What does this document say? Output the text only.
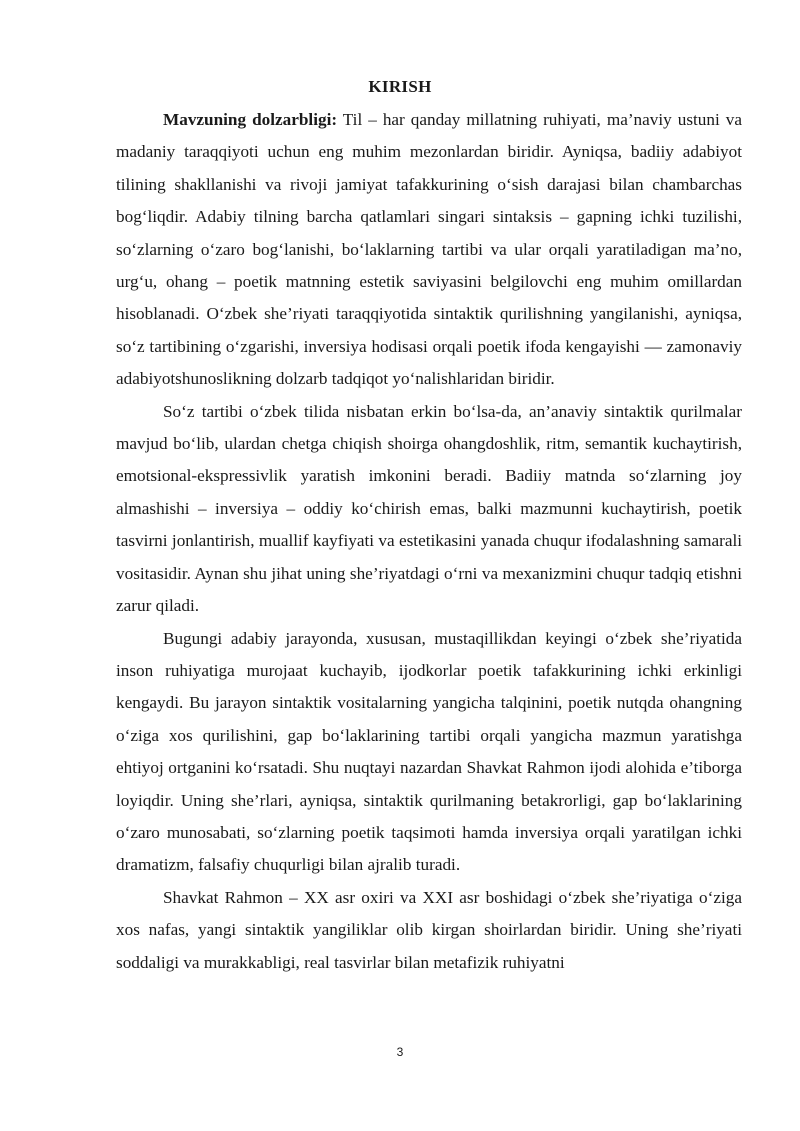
KIRISH

Mavzuning dolzarbligi: Til – har qanday millatning ruhiyati, ma’naviy ustuni va madaniy taraqqiyoti uchun eng muhim mezonlardan biridir. Ayniqsa, badiiy adabiyot tilining shakllanishi va rivoji jamiyat tafakkurining o‘sish darajasi bilan chambarchas bog‘liqdir. Adabiy tilning barcha qatlamlari singari sintaksis – gapning ichki tuzilishi, so‘zlarning o‘zaro bog‘lanishi, bo‘laklarning tartibi va ular orqali yaratiladigan ma’no, urg‘u, ohang – poetik matnning estetik saviyasini belgilovchi eng muhim omillardan hisoblanadi. O‘zbek she’riyati taraqqiyotida sintaktik qurilishning yangilanishi, ayniqsa, so‘z tartibining o‘zgarishi, inversiya hodisasi orqali poetik ifoda kengayishi — zamonaviy adabiyotshunoslikning dolzarb tadqiqot yo‘nalishlaridan biridir.

So‘z tartibi o‘zbek tilida nisbatan erkin bo‘lsa-da, an’anaviy sintaktik qurilmalar mavjud bo‘lib, ulardan chetga chiqish shoirga ohangdoshlik, ritm, semantik kuchaytirish, emotsional-ekspressivlik yaratish imkonini beradi. Badiiy matnda so‘zlarning joy almashishi – inversiya – oddiy ko‘chirish emas, balki mazmunni kuchaytirish, poetik tasvirni jonlantirish, muallif kayfiyati va estetikasini yanada chuqur ifodalashning samarali vositasidir. Aynan shu jihat uning she’riyatdagi o‘rni va mexanizmini chuqur tadqiq etishni zarur qiladi.

Bugungi adabiy jarayonda, xususan, mustaqillikdan keyingi o‘zbek she’riyatida inson ruhiyatiga murojaat kuchayib, ijodkorlar poetik tafakkurining ichki erkinligi kengaydi. Bu jarayon sintaktik vositalarning yangicha talqinini, poetik nutqda ohangning o‘ziga xos qurilishini, gap bo‘laklarining tartibi orqali yangicha mazmun yaratishga ehtiyoj ortganini ko‘rsatadi. Shu nuqtayi nazardan Shavkat Rahmon ijodi alohida e’tiborga loyiqdir. Uning she’rlari, ayniqsa, sintaktik qurilmaning betakrorligi, gap bo‘laklarining o‘zaro munosabati, so‘zlarning poetik taqsimoti hamda inversiya orqali yaratilgan ichki dramatizm, falsafiy chuqurligi bilan ajralib turadi.

Shavkat Rahmon – XX asr oxiri va XXI asr boshidagi o‘zbek she’riyatiga o‘ziga xos nafas, yangi sintaktik yangiliklar olib kirgan shoirlardan biridir. Uning she’riyati soddaligi va murakkabligi, real tasvirlar bilan metafizik ruhiyatni

3
